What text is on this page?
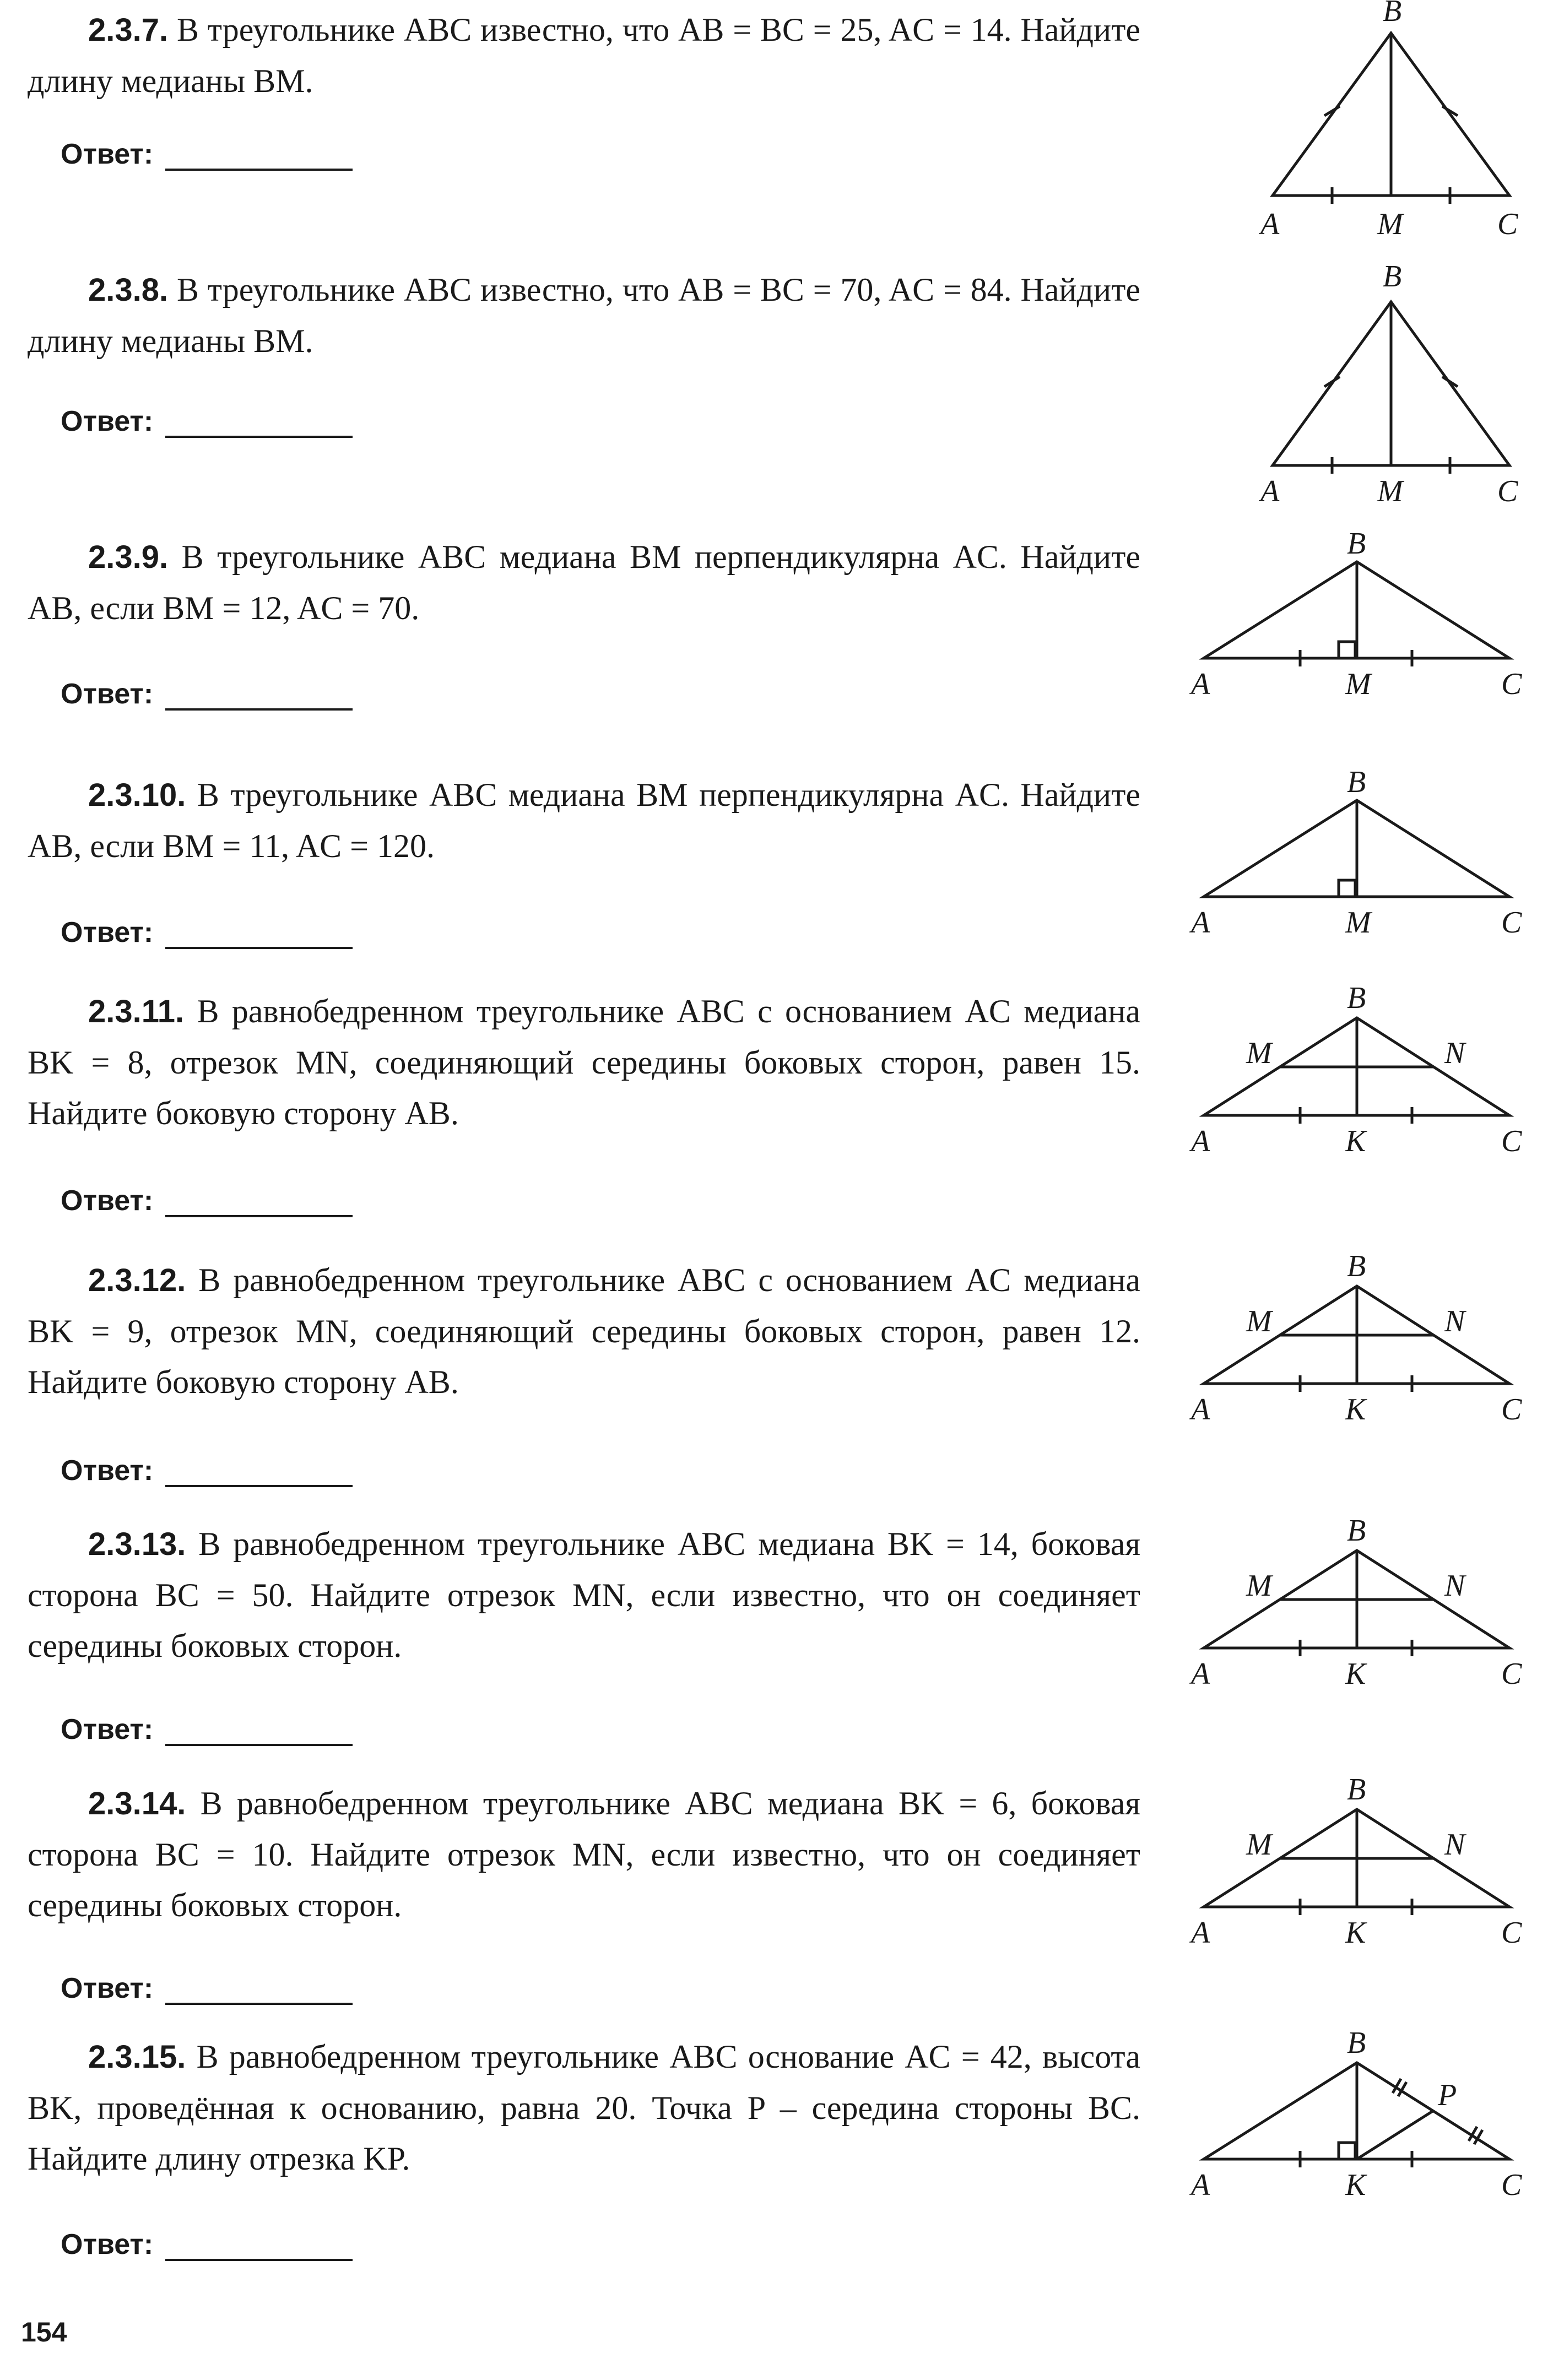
2.3.7. В треугольнике ABC известно, что AB = BC = 25, AC = 14. Найдите длину медианы BM.

Ответ:
B
A	M	C

2.3.8. В треугольнике ABC известно, что AB = BC = 70, AC = 84. Найдите длину медианы BM.

Ответ:
B
A	M	C

2.3.9. В треугольнике ABC медиана BM перпендикулярна AC. Найдите AB, если BM = 12, AC = 70.

Ответ:
B
A	M	C

2.3.10. В треугольнике ABC медиана BM перпендикулярна AC. Найдите AB, если BM = 11, AC = 120.

Ответ:
B
A	M	C

2.3.11. В равнобедренном треугольнике ABC с основанием AC медиана BK = 8, отрезок MN, соединяющий середины боковых сторон, равен 15. Найдите боковую сторону AB.

Ответ:
B
M	N
A	K	C

2.3.12. В равнобедренном треугольнике ABC с основанием AC медиана BK = 9, отрезок MN, соединяющий середины боковых сторон, равен 12. Найдите боковую сторону AB.

Ответ:
B
M	N
A	K	C

2.3.13. В равнобедренном треугольнике ABC медиана BK = 14, боковая сторона BC = 50. Найдите отрезок MN, если известно, что он соединяет середины боковых сторон.

Ответ:
B
M	N
A	K	C

2.3.14. В равнобедренном треугольнике ABC медиана BK = 6, боковая сторона BC = 10. Найдите отрезок MN, если известно, что он соединяет середины боковых сторон.

Ответ:
B
M	N
A	K	C

2.3.15. В равнобедренном треугольнике ABC основание AC = 42, высота BK, проведённая к основанию, равна 20. Точка P – середина стороны BC. Найдите длину отрезка KP.

Ответ:
B
P
A	K	C
154
